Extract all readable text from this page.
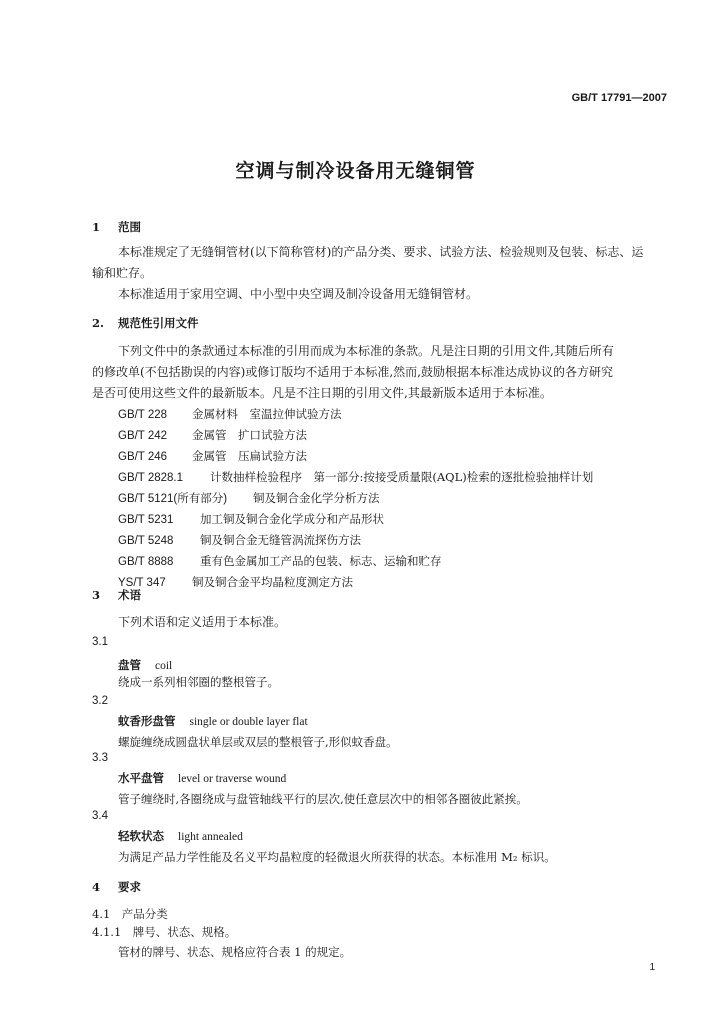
GB/T 17791—2007
空调与制冷设备用无缝铜管
1 范围
本标准规定了无缝铜管材(以下简称管材)的产品分类、要求、试验方法、检验规则及包装、标志、运
输和贮存。
本标准适用于家用空调、中小型中央空调及制冷设备用无缝铜管材。
2. 规范性引用文件
下列文件中的条款通过本标准的引用而成为本标准的条款。凡是注日期的引用文件,其随后所有
的修改单(不包括勘误的内容)或修订版均不适用于本标准,然而,鼓励根据本标准达成协议的各方研究
是否可使用这些文件的最新版本。凡是不注日期的引用文件,其最新版本适用于本标准。
GB/T 228 金属材料　室温拉伸试验方法
GB/T 242 金属管　扩口试验方法
GB/T 246 金属管　压扁试验方法
GB/T 2828.1 计数抽样检验程序　第一部分:按接受质量限(AQL)检索的逐批检验抽样计划
GB/T 5121(所有部分) 铜及铜合金化学分析方法
GB/T 5231 加工铜及铜合金化学成分和产品形状
GB/T 5248 铜及铜合金无缝管涡流探伤方法
GB/T 8888 重有色金属加工产品的包装、标志、运输和贮存
YS/T 347 铜及铜合金平均晶粒度测定方法
3 术语
下列术语和定义适用于本标准。
3.1
盘管 coil
绕成一系列相邻圈的整根管子。
3.2
蚊香形盘管 single or double layer flat
螺旋缠绕成圆盘状单层或双层的整根管子,形似蚊香盘。
3.3
水平盘管 level or traverse wound
管子缠绕时,各圈绕成与盘管轴线平行的层次,使任意层次中的相邻各圈彼此紧挨。
3.4
轻软状态 light annealed
为满足产品力学性能及名义平均晶粒度的轻微退火所获得的状态。本标准用 M₂ 标识。
4 要求
4.1　产品分类
4.1.1　牌号、状态、规格。
管材的牌号、状态、规格应符合表 1 的规定。
1
